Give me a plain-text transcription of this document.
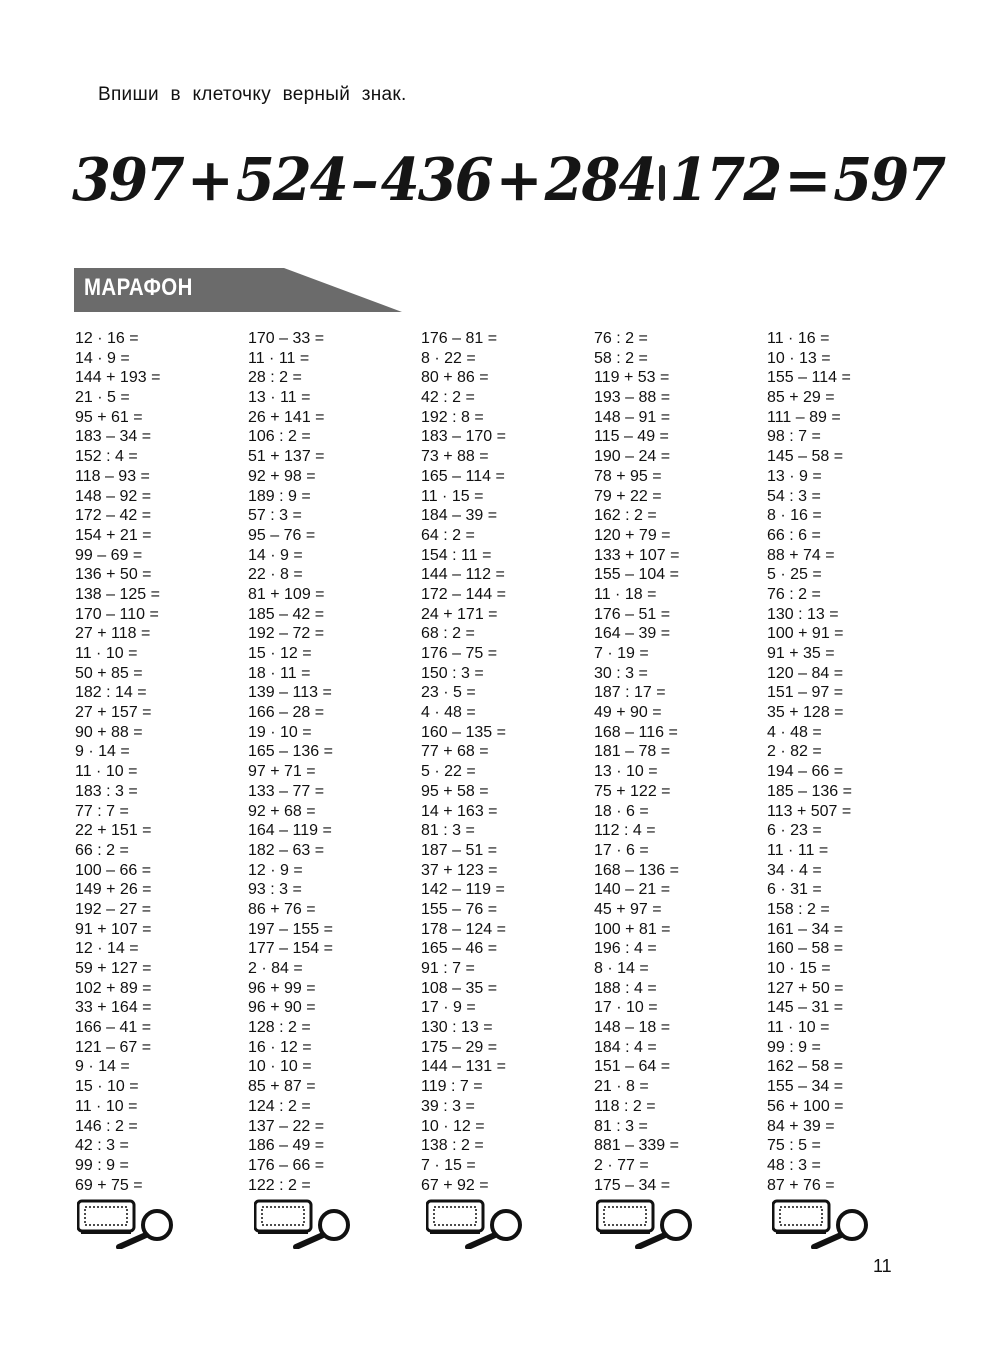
Впиши в клеточку верный знак.
397 + 524 – 436 + 284 172 = 597
МАРАФОН
12 · 16 =
14 · 9 =
144 + 193 =
21 · 5 =
95 + 61 =
183 – 34 =
152 : 4 =
118 – 93 =
148 – 92 =
172 – 42 =
154 + 21 =
99 – 69 =
136 + 50 =
138 – 125 =
170 – 110 =
27 + 118 =
11 · 10 =
50 + 85 =
182 : 14 =
27 + 157 =
90 + 88 =
9 · 14 =
11 · 10 =
183 : 3 =
77 : 7 =
22 + 151 =
66 : 2 =
100 – 66 =
149 + 26 =
192 – 27 =
91 + 107 =
12 · 14 =
59 + 127 =
102 + 89 =
33 + 164 =
166 – 41 =
121 – 67 =
9 · 14 =
15 · 10 =
11 · 10 =
146 : 2 =
42 : 3 =
99 : 9 =
69 + 75 =
170 – 33 =
11 · 11 =
28 : 2 =
13 · 11 =
26 + 141 =
106 : 2 =
51 + 137 =
92 + 98 =
189 : 9 =
57 : 3 =
95 – 76 =
14 · 9 =
22 · 8 =
81 + 109 =
185 – 42 =
192 – 72 =
15 · 12 =
18 · 11 =
139 – 113 =
166 – 28 =
19 · 10 =
165 – 136 =
97 + 71 =
133 – 77 =
92 + 68 =
164 – 119 =
182 – 63 =
12 · 9 =
93 : 3 =
86 + 76 =
197 – 155 =
177 – 154 =
2 · 84 =
96 + 99 =
96 + 90 =
128 : 2 =
16 · 12 =
10 · 10 =
85 + 87 =
124 : 2 =
137 – 22 =
186 – 49 =
176 – 66 =
122 : 2 =
176 – 81 =
8 · 22 =
80 + 86 =
42 : 2 =
192 : 8 =
183 – 170 =
73 + 88 =
165 – 114 =
11 · 15 =
184 – 39 =
64 : 2 =
154 : 11 =
144 – 112 =
172 – 144 =
24 + 171 =
68 : 2 =
176 – 75 =
150 : 3 =
23 · 5 =
4 · 48 =
160 – 135 =
77 + 68 =
5 · 22 =
95 + 58 =
14 + 163 =
81 : 3 =
187 – 51 =
37 + 123 =
142 – 119 =
155 – 76 =
178 – 124 =
165 – 46 =
91 : 7 =
108 – 35 =
17 · 9 =
130 : 13 =
175 – 29 =
144 – 131 =
119 : 7 =
39 : 3 =
10 · 12 =
138 : 2 =
7 · 15 =
67 + 92 =
76 : 2 =
58 : 2 =
119 + 53 =
193 – 88 =
148 – 91 =
115 – 49 =
190 – 24 =
78 + 95 =
79 + 22 =
162 : 2 =
120 + 79 =
133 + 107 =
155 – 104 =
11 · 18 =
176 – 51 =
164 – 39 =
7 · 19 =
30 : 3 =
187 : 17 =
49 + 90 =
168 – 116 =
181 – 78 =
13 · 10 =
75 + 122 =
18 · 6 =
112 : 4 =
17 · 6 =
168 – 136 =
140 – 21 =
45 + 97 =
100 + 81 =
196 : 4 =
8 · 14 =
188 : 4 =
17 · 10 =
148 – 18 =
184 : 4 =
151 – 64 =
21 · 8 =
118 : 2 =
81 : 3 =
881 – 339 =
2 · 77 =
175 – 34 =
11 · 16 =
10 · 13 =
155 – 114 =
85 + 29 =
111 – 89 =
98 : 7 =
145 – 58 =
13 · 9 =
54 : 3 =
8 · 16 =
66 : 6 =
88 + 74 =
5 · 25 =
76 : 2 =
130 : 13 =
100 + 91 =
91 + 35 =
120 – 84 =
151 – 97 =
35 + 128 =
4 · 48 =
2 · 82 =
194 – 66 =
185 – 136 =
113 + 507 =
6 · 23 =
11 · 11 =
34 · 4 =
6 · 31 =
158 : 2 =
161 – 34 =
160 – 58 =
10 · 15 =
127 + 50 =
145 – 31 =
11 · 10 =
99 : 9 =
162 – 58 =
155 – 34 =
56 + 100 =
84 + 39 =
75 : 5 =
48 : 3 =
87 + 76 =
11
